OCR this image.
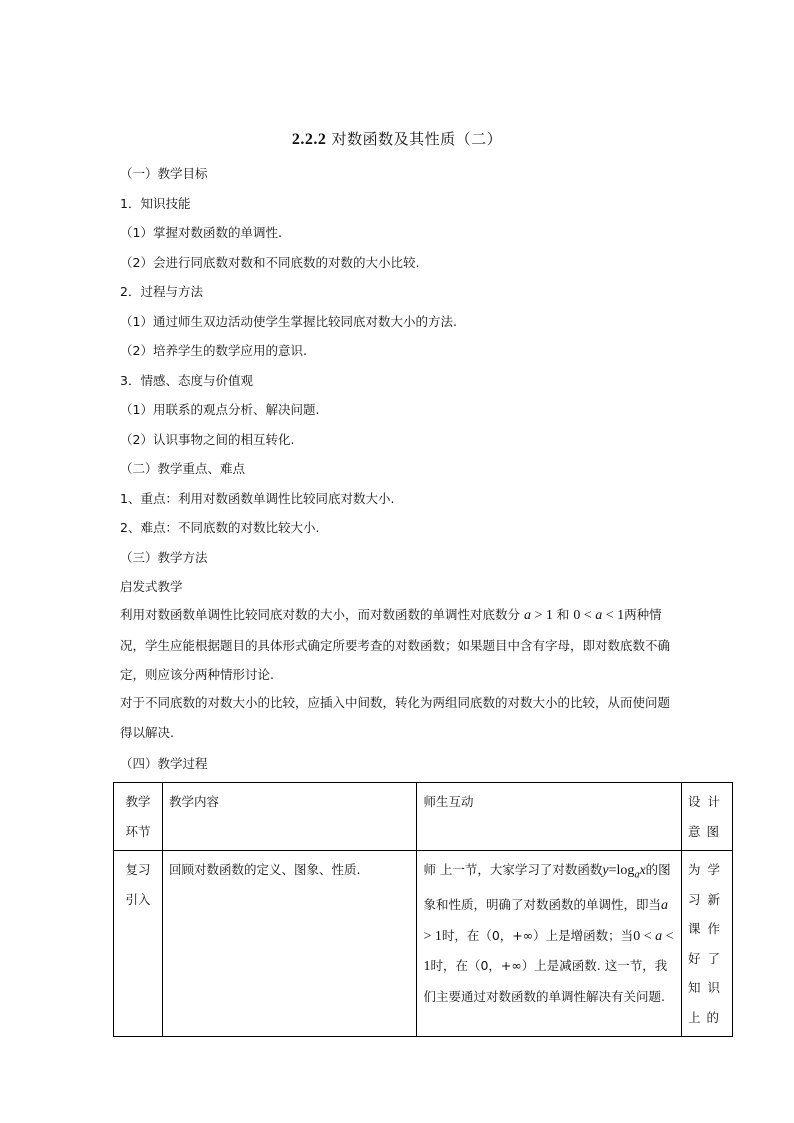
2.2.2 对数函数及其性质（二）
（一）教学目标
1．知识技能
（1）掌握对数函数的单调性.
（2）会进行同底数对数和不同底数的对数的大小比较.
2．过程与方法
（1）通过师生双边活动使学生掌握比较同底对数大小的方法.
（2）培养学生的数学应用的意识.
3．情感、态度与价值观
（1）用联系的观点分析、解决问题.
（2）认识事物之间的相互转化.
（二）教学重点、难点
1、重点：利用对数函数单调性比较同底对数大小.
2、难点：不同底数的对数比较大小.
（三）教学方法
启发式教学
利用对数函数单调性比较同底对数的大小，而对数函数的单调性对底数分 a > 1 和 0 < a < 1两种情况，学生应能根据题目的具体形式确定所要考查的对数函数；如果题目中含有字母，即对数底数不确定，则应该分两种情形讨论.
对于不同底数的对数大小的比较，应插入中间数，转化为两组同底数的对数大小的比较，从而使问题得以解决.
（四）教学过程
教学环节	教学内容	师生互动	设计意图
复习引入	回顾对数函数的定义、图象、性质.	师 上一节，大家学习了对数函数$y=\log_ax$的图象和性质，明确了对数函数的单调性，即当a > 1时，在（0，+∞）上是增函数；当0 < a < 1时，在（0，+∞）上是减函数. 这一节，我们主要通过对数函数的单调性解决有关问题.	为学习新课作好了知识上的
